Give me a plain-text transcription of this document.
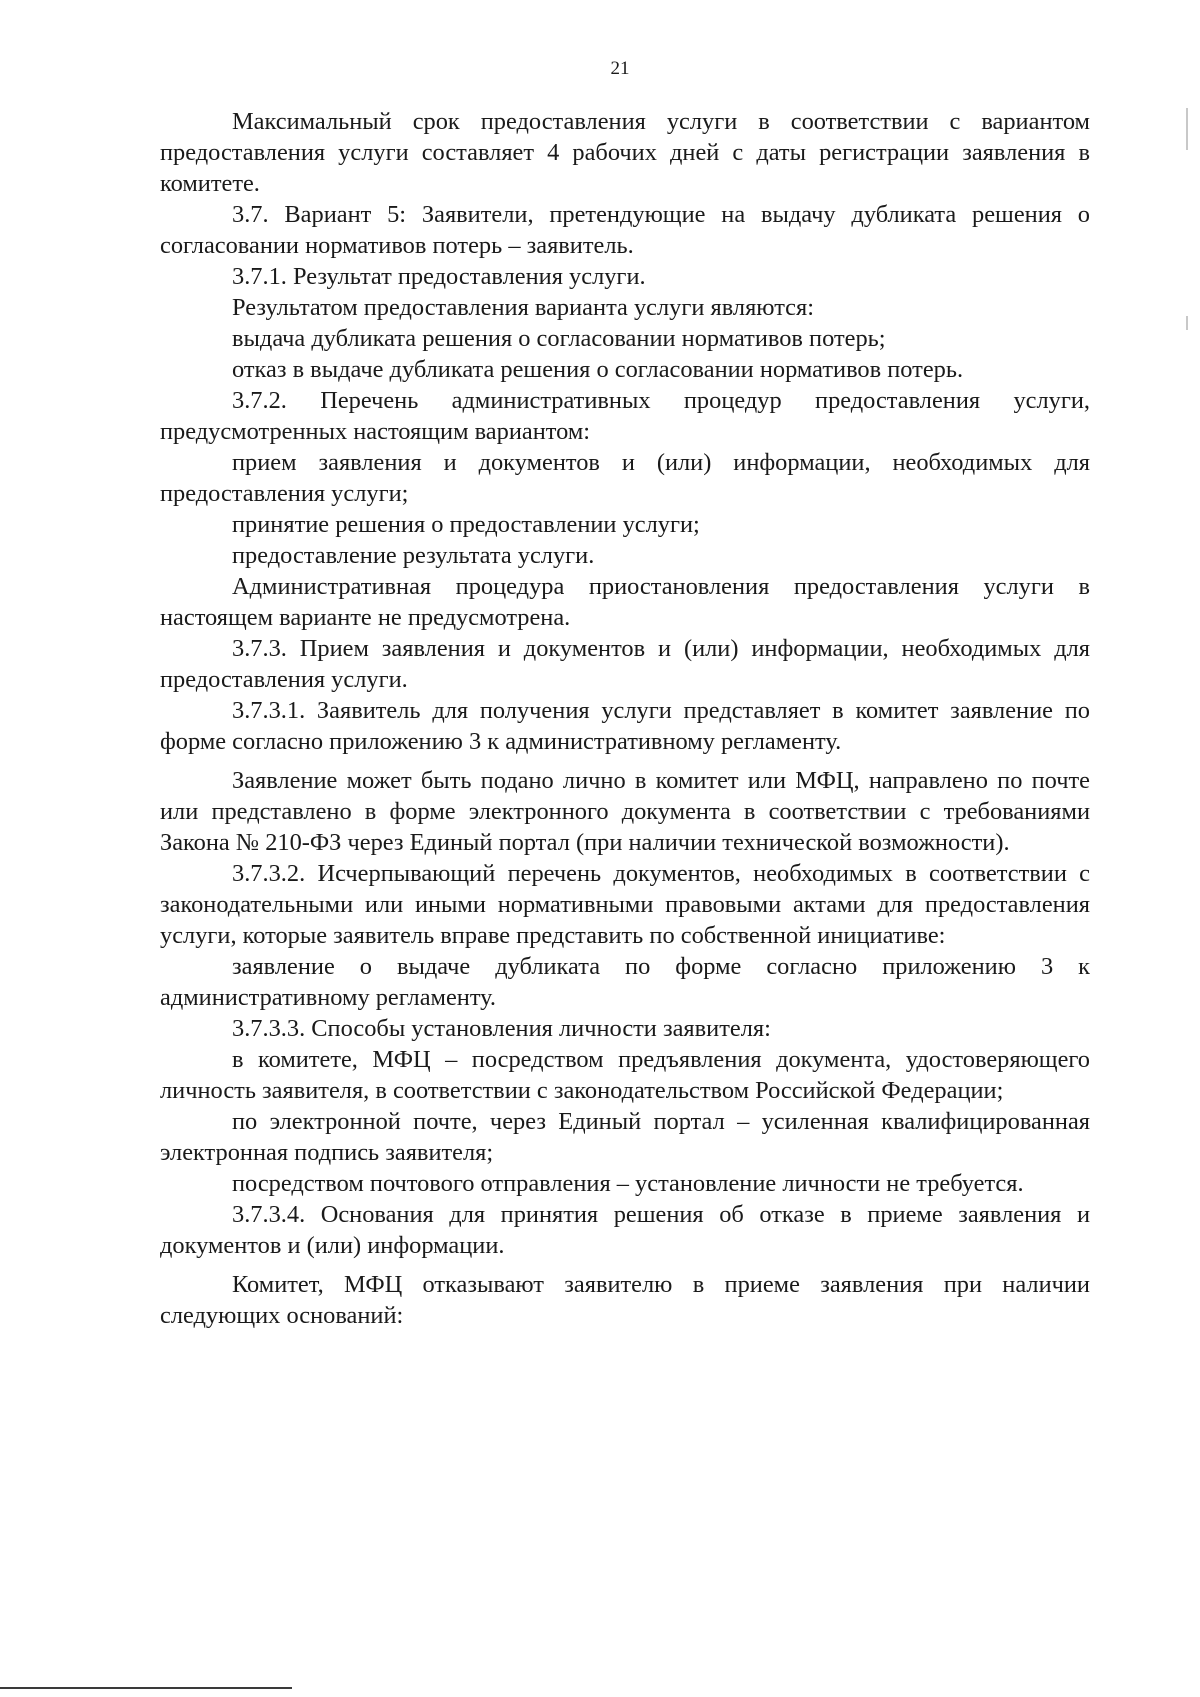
21

Максимальный срок предоставления услуги в соответствии с вариантом предоставления услуги составляет 4 рабочих дней с даты регистрации заявления в комитете.

3.7. Вариант 5: Заявители, претендующие на выдачу дубликата решения о согласовании нормативов потерь – заявитель.

3.7.1. Результат предоставления услуги.

Результатом предоставления варианта услуги являются:

выдача дубликата решения о согласовании нормативов потерь;

отказ в выдаче дубликата решения о согласовании нормативов потерь.

3.7.2. Перечень административных процедур предоставления услуги, предусмотренных настоящим вариантом:

прием заявления и документов и (или) информации, необходимых для предоставления услуги;

принятие решения о предоставлении услуги;

предоставление результата услуги.

Административная процедура приостановления предоставления услуги в настоящем варианте не предусмотрена.

3.7.3. Прием заявления и документов и (или) информации, необходимых для предоставления услуги.

3.7.3.1. Заявитель для получения услуги представляет в комитет заявление по форме согласно приложению 3 к административному регламенту.

Заявление может быть подано лично в комитет или МФЦ, направлено по почте или представлено в форме электронного документа в соответствии с требованиями Закона № 210-ФЗ через Единый портал (при наличии технической возможности).

3.7.3.2. Исчерпывающий перечень документов, необходимых в соответствии с законодательными или иными нормативными правовыми актами для предоставления услуги, которые заявитель вправе представить по собственной инициативе:

заявление о выдаче дубликата по форме согласно приложению 3 к административному регламенту.

3.7.3.3. Способы установления личности заявителя:

в комитете, МФЦ – посредством предъявления документа, удостоверяющего личность заявителя, в соответствии с законодательством Российской Федерации;

по электронной почте, через Единый портал – усиленная квалифицированная электронная подпись заявителя;

посредством почтового отправления – установление личности не требуется.

3.7.3.4. Основания для принятия решения об отказе в приеме заявления и документов и (или) информации.

Комитет, МФЦ отказывают заявителю в приеме заявления при наличии следующих оснований:
